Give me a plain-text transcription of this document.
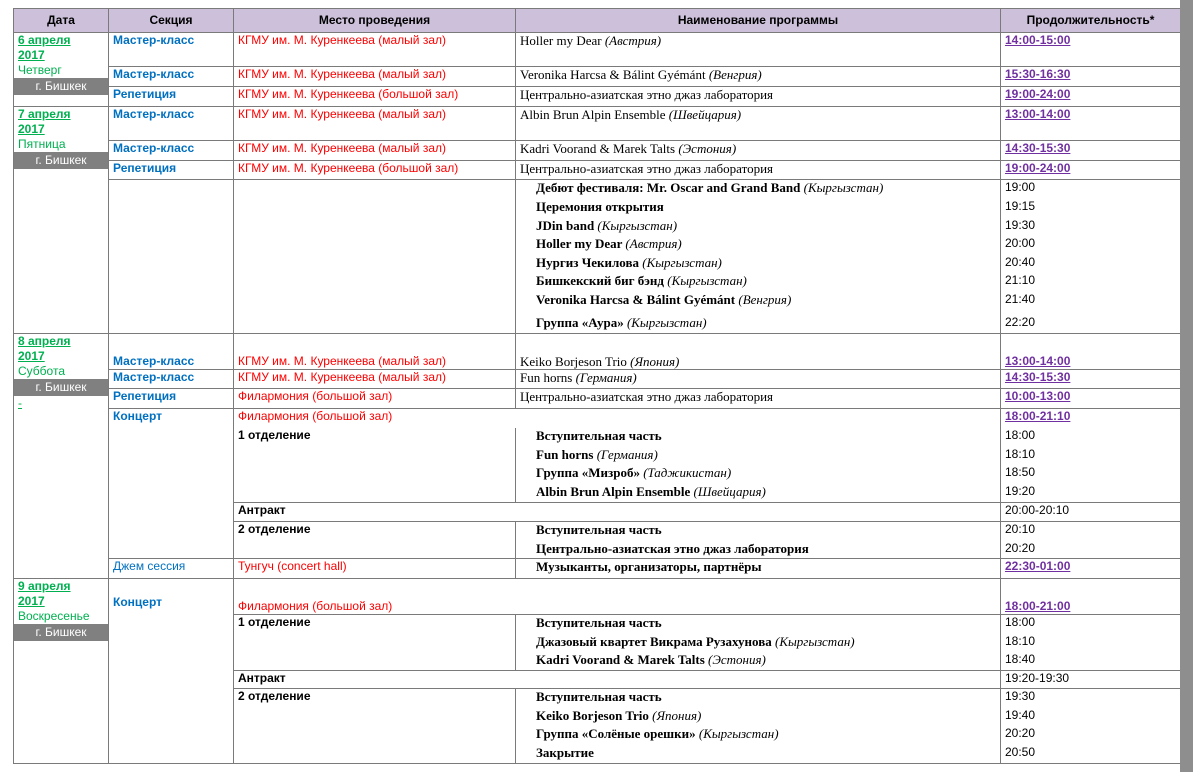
Дата	Секция	Место проведения	Наименование программы	Продолжительность*

6 апреля
2017
Четверг
г. Бишкек	Мастер-класс	КГМУ им. М. Куренкеева (малый зал)	Holler my Dear (Австрия)	14:00-15:00
	Мастер-класс	КГМУ им. М. Куренкеева (малый зал)	Veronika Harcsa & Bálint Gyémánt (Венгрия)	15:30-16:30
	Репетиция	КГМУ им. М. Куренкеева (большой зал)	Центрально-азиатская этно джаз лаборатория	19:00-24:00

7 апреля
2017
Пятница
г. Бишкек	Мастер-класс	КГМУ им. М. Куренкеева (малый зал)	Albin Brun Alpin Ensemble (Швейцария)	13:00-14:00
	Мастер-класс	КГМУ им. М. Куренкеева (малый зал)	Kadri Voorand & Marek Talts (Эстония)	14:30-15:30
	Репетиция	КГМУ им. М. Куренкеева (большой зал)	Центрально-азиатская этно джаз лаборатория	19:00-24:00
			Дебют фестиваля: Mr. Oscar and Grand Band (Кыргызстан)	19:00
			Церемония открытия	19:15
			JDin band (Кыргызстан)	19:30
			Holler my Dear (Австрия)	20:00
			Нургиз Чекилова (Кыргызстан)	20:40
			Бишкекский биг бэнд (Кыргызстан)	21:10
			Veronika Harcsa & Bálint Gyémánt (Венгрия)	21:40
			Группа «Аура» (Кыргызстан)	22:20

8 апреля
2017
Суббота
г. Бишкек
-	Мастер-класс	КГМУ им. М. Куренкеева (малый зал)	Keiko Borjeson Trio (Япония)	13:00-14:00
	Мастер-класс	КГМУ им. М. Куренкеева (малый зал)	Fun horns (Германия)	14:30-15:30
	Репетиция	Филармония (большой зал)	Центрально-азиатская этно джаз лаборатория	10:00-13:00
	Концерт	Филармония (большой зал)		18:00-21:10
		1 отделение	Вступительная часть	18:00
			Fun horns (Германия)	18:10
			Группа «Мизроб» (Таджикистан)	18:50
			Albin Brun Alpin Ensemble (Швейцария)	19:20
		Антракт		20:00-20:10
		2 отделение	Вступительная часть	20:10
			Центрально-азиатская этно джаз лаборатория	20:20
	Джем сессия	Тунгуч (concert hall)	Музыканты, организаторы, партнёры	22:30-01:00

9 апреля
2017
Воскресенье
г. Бишкек	Концерт	Филармония (большой зал)		18:00-21:00
		1 отделение	Вступительная часть	18:00
			Джазовый квартет Викрама Рузахунова (Кыргызстан)	18:10
			Kadri Voorand & Marek Talts (Эстония)	18:40
		Антракт		19:20-19:30
		2 отделение	Вступительная часть	19:30
			Keiko Borjeson Trio (Япония)	19:40
			Группа «Солёные орешки» (Кыргызстан)	20:20
			Закрытие	20:50
